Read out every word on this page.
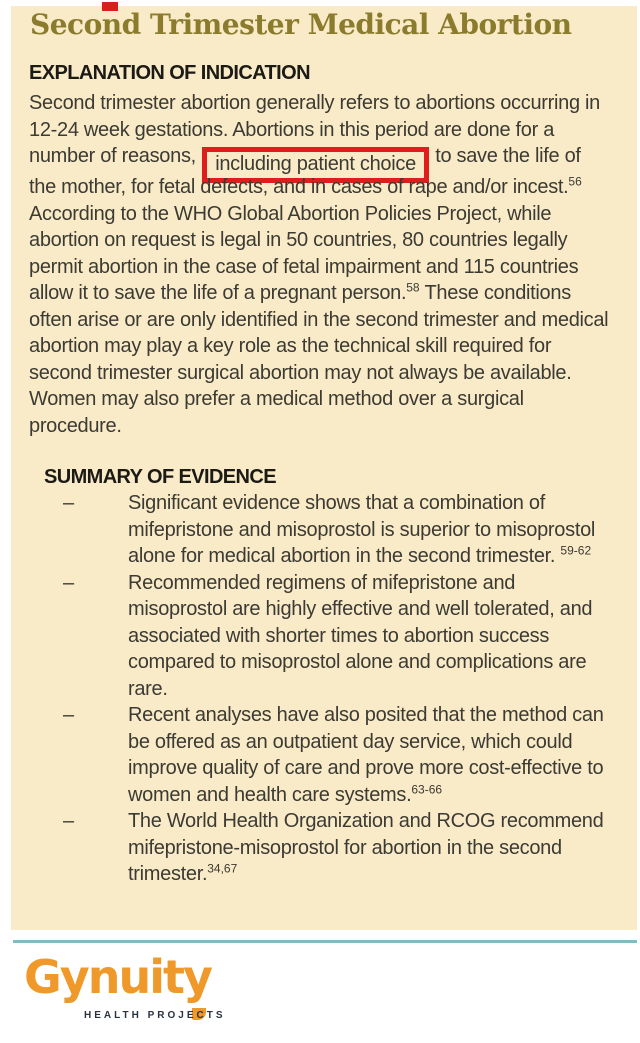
Second Trimester Medical Abortion
EXPLANATION OF INDICATION

Second trimester abortion generally refers to abortions occurring in 12-24 week gestations. Abortions in this period are done for a number of reasons, including patient choice to save the life of the mother, for fetal defects, and in cases of rape and/or incest.$^{56}$ According to the WHO Global Abortion Policies Project, while abortion on request is legal in 50 countries, 80 countries legally permit abortion in the case of fetal impairment and 115 countries allow it to save the life of a pregnant person.$^{58}$ These conditions often arise or are only identified in the second trimester and medical abortion may play a key role as the technical skill required for second trimester surgical abortion may not always be available. Women may also prefer a medical method over a surgical procedure.

SUMMARY OF EVIDENCE
–	Significant evidence shows that a combination of mifepristone and misoprostol is superior to misoprostol alone for medical abortion in the second trimester. $^{59-62}$

–	Recommended regimens of mifepristone and misoprostol are highly effective and well tolerated, and associated with shorter times to abortion success compared to misoprostol alone and complications are rare.

–	Recent analyses have also posited that the method can be offered as an outpatient day service, which could improve quality of care and prove more cost-effective to women and health care systems.$^{63-66}$

–	The World Health Organization and RCOG recommend mifepristone-misoprostol for abortion in the second trimester.$^{34,67}$

Gynuity

HEALTH PROJECTS
